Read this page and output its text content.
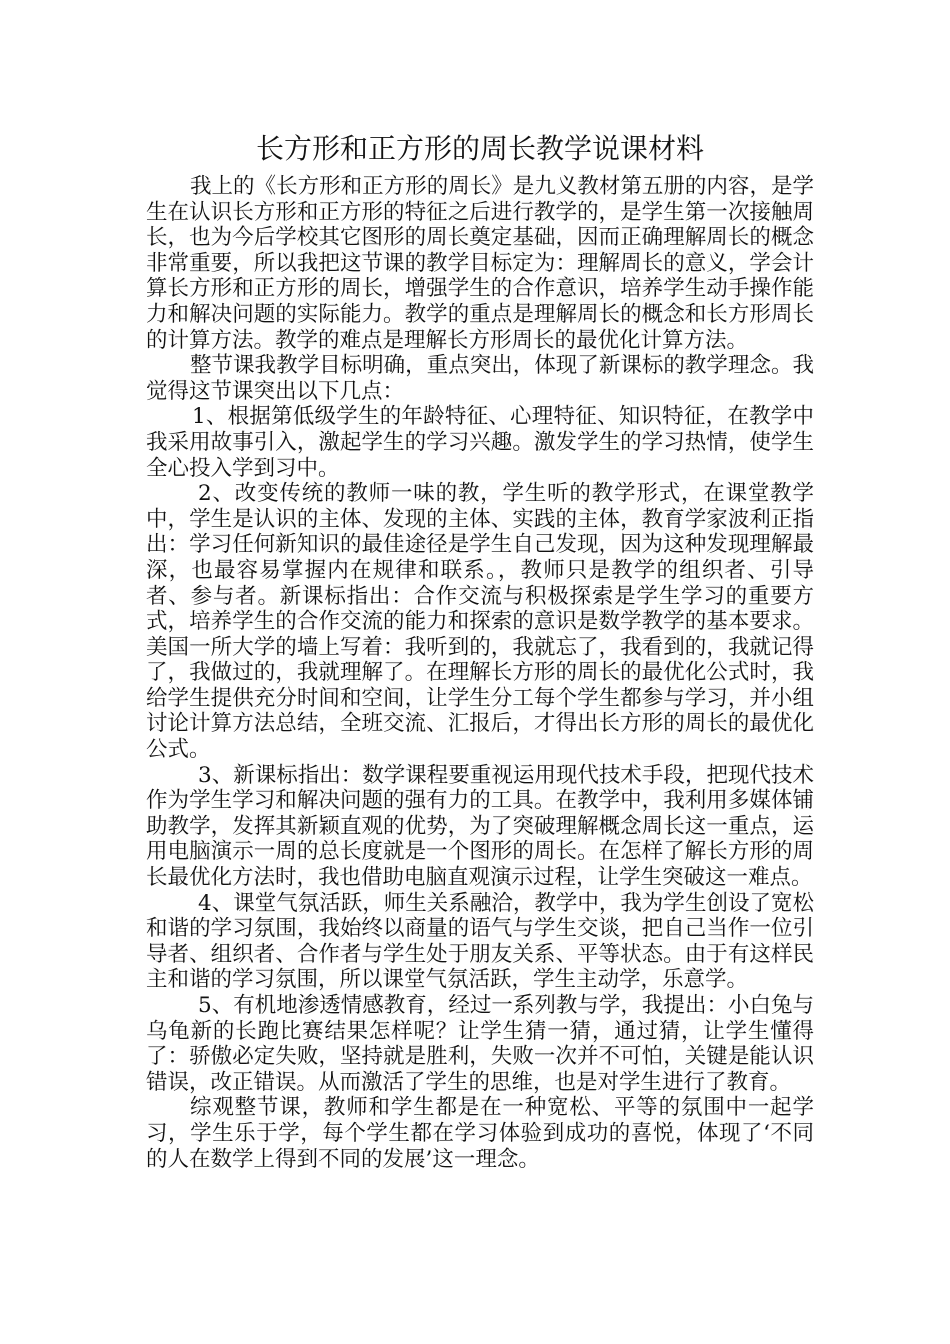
长方形和正方形的周长教学说课材料

我上的《长方形和正方形的周长》是九义教材第五册的内容，是学生在认识长方形和正方形的特征之后进行教学的，是学生第一次接触周长，也为今后学校其它图形的周长奠定基础，因而正确理解周长的概念非常重要，所以我把这节课的教学目标定为：理解周长的意义，学会计算长方形和正方形的周长，增强学生的合作意识，培养学生动手操作能力和解决问题的实际能力。教学的重点是理解周长的概念和长方形周长的计算方法。教学的难点是理解长方形周长的最优化计算方法。

整节课我教学目标明确，重点突出，体现了新课标的教学理念。我觉得这节课突出以下几点：

1、根据第低级学生的年龄特征、心理特征、知识特征，在教学中我采用故事引入，激起学生的学习兴趣。激发学生的学习热情，使学生全心投入学到习中。

2、改变传统的教师一味的教，学生听的教学形式，在课堂教学中，学生是认识的主体、发现的主体、实践的主体，教育学家波利正指出：学习任何新知识的最佳途径是学生自己发现，因为这种发现理解最深，也最容易掌握内在规律和联系。，教师只是教学的组织者、引导者、参与者。新课标指出：合作交流与积极探索是学生学习的重要方式，培养学生的合作交流的能力和探索的意识是数学教学的基本要求。美国一所大学的墙上写着：我听到的，我就忘了，我看到的，我就记得了，我做过的，我就理解了。在理解长方形的周长的最优化公式时，我给学生提供充分时间和空间，让学生分工每个学生都参与学习，并小组讨论计算方法总结，全班交流、汇报后，才得出长方形的周长的最优化公式。

3、新课标指出：数学课程要重视运用现代技术手段，把现代技术作为学生学习和解决问题的强有力的工具。在教学中，我利用多媒体铺助教学，发挥其新颖直观的优势，为了突破理解概念周长这一重点，运用电脑演示一周的总长度就是一个图形的周长。在怎样了解长方形的周长最优化方法时，我也借助电脑直观演示过程，让学生突破这一难点。

4、课堂气氛活跃，师生关系融洽，教学中，我为学生创设了宽松和谐的学习氛围，我始终以商量的语气与学生交谈，把自己当作一位引导者、组织者、合作者与学生处于朋友关系、平等状态。由于有这样民主和谐的学习氛围，所以课堂气氛活跃，学生主动学，乐意学。

5、有机地渗透情感教育，经过一系列教与学，我提出：小白兔与乌龟新的长跑比赛结果怎样呢？让学生猜一猜，通过猜，让学生懂得了：骄傲必定失败，坚持就是胜利，失败一次并不可怕，关键是能认识错误，改正错误。从而激活了学生的思维，也是对学生进行了教育。

综观整节课，教师和学生都是在一种宽松、平等的氛围中一起学习，学生乐于学，每个学生都在学习体验到成功的喜悦，体现了‘不同的人在数学上得到不同的发展’这一理念。
